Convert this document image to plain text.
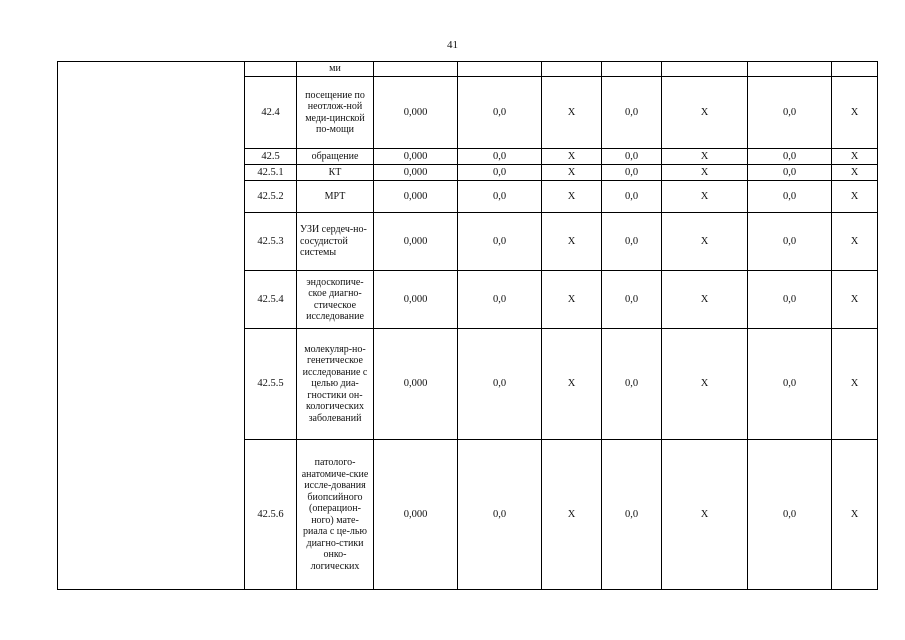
41
		ми							
	42.4	посещение по неотлож-ной меди-цинской по-мощи	0,000	0,0	X	0,0	X	0,0	X
	42.5	обращение	0,000	0,0	X	0,0	X	0,0	X
	42.5.1	КТ	0,000	0,0	X	0,0	X	0,0	X
	42.5.2	МРТ	0,000	0,0	X	0,0	X	0,0	X
	42.5.3	УЗИ сердеч-но-сосудистой системы	0,000	0,0	X	0,0	X	0,0	X
	42.5.4	эндоскопиче-ское диагно-стическое исследование	0,000	0,0	X	0,0	X	0,0	X
	42.5.5	молекуляр-но-генетическое исследование с целью диа-гностики он-кологических заболеваний	0,000	0,0	X	0,0	X	0,0	X
	42.5.6	патолого-анатомиче-ские иссле-дования биопсийного (операцион-ного) мате-риала с це-лью диагно-стики онко-логических	0,000	0,0	X	0,0	X	0,0	X
